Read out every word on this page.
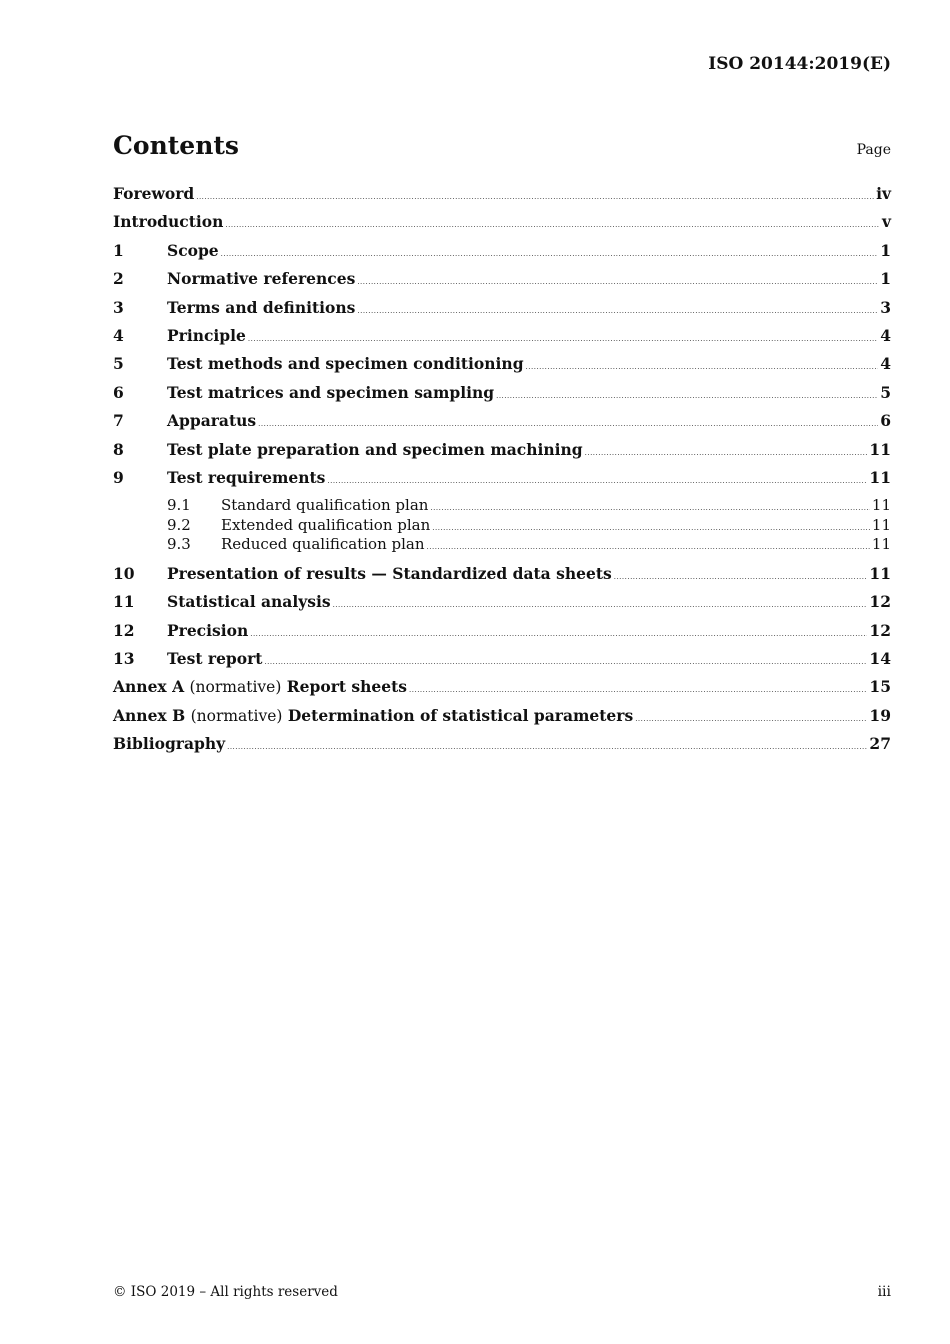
ISO 20144:2019(E)
Contents	Page
Foreword .....	iv
Introduction .....	v
1	Scope .....	1
2	Normative references .....	1
3	Terms and definitions .....	3
4	Principle .....	4
5	Test methods and specimen conditioning .....	4
6	Test matrices and specimen sampling .....	5
7	Apparatus .....	6
8	Test plate preparation and specimen machining .....	11
9	Test requirements .....	11
9.1	Standard qualification plan .....	11
9.2	Extended qualification plan .....	11
9.3	Reduced qualification plan .....	11
10	Presentation of results — Standardized data sheets .....	11
11	Statistical analysis .....	12
12	Precision .....	12
13	Test report .....	14
Annex A (normative) Report sheets .....	15
Annex B (normative) Determination of statistical parameters .....	19
Bibliography .....	27
© ISO 2019 – All rights reserved	iii
